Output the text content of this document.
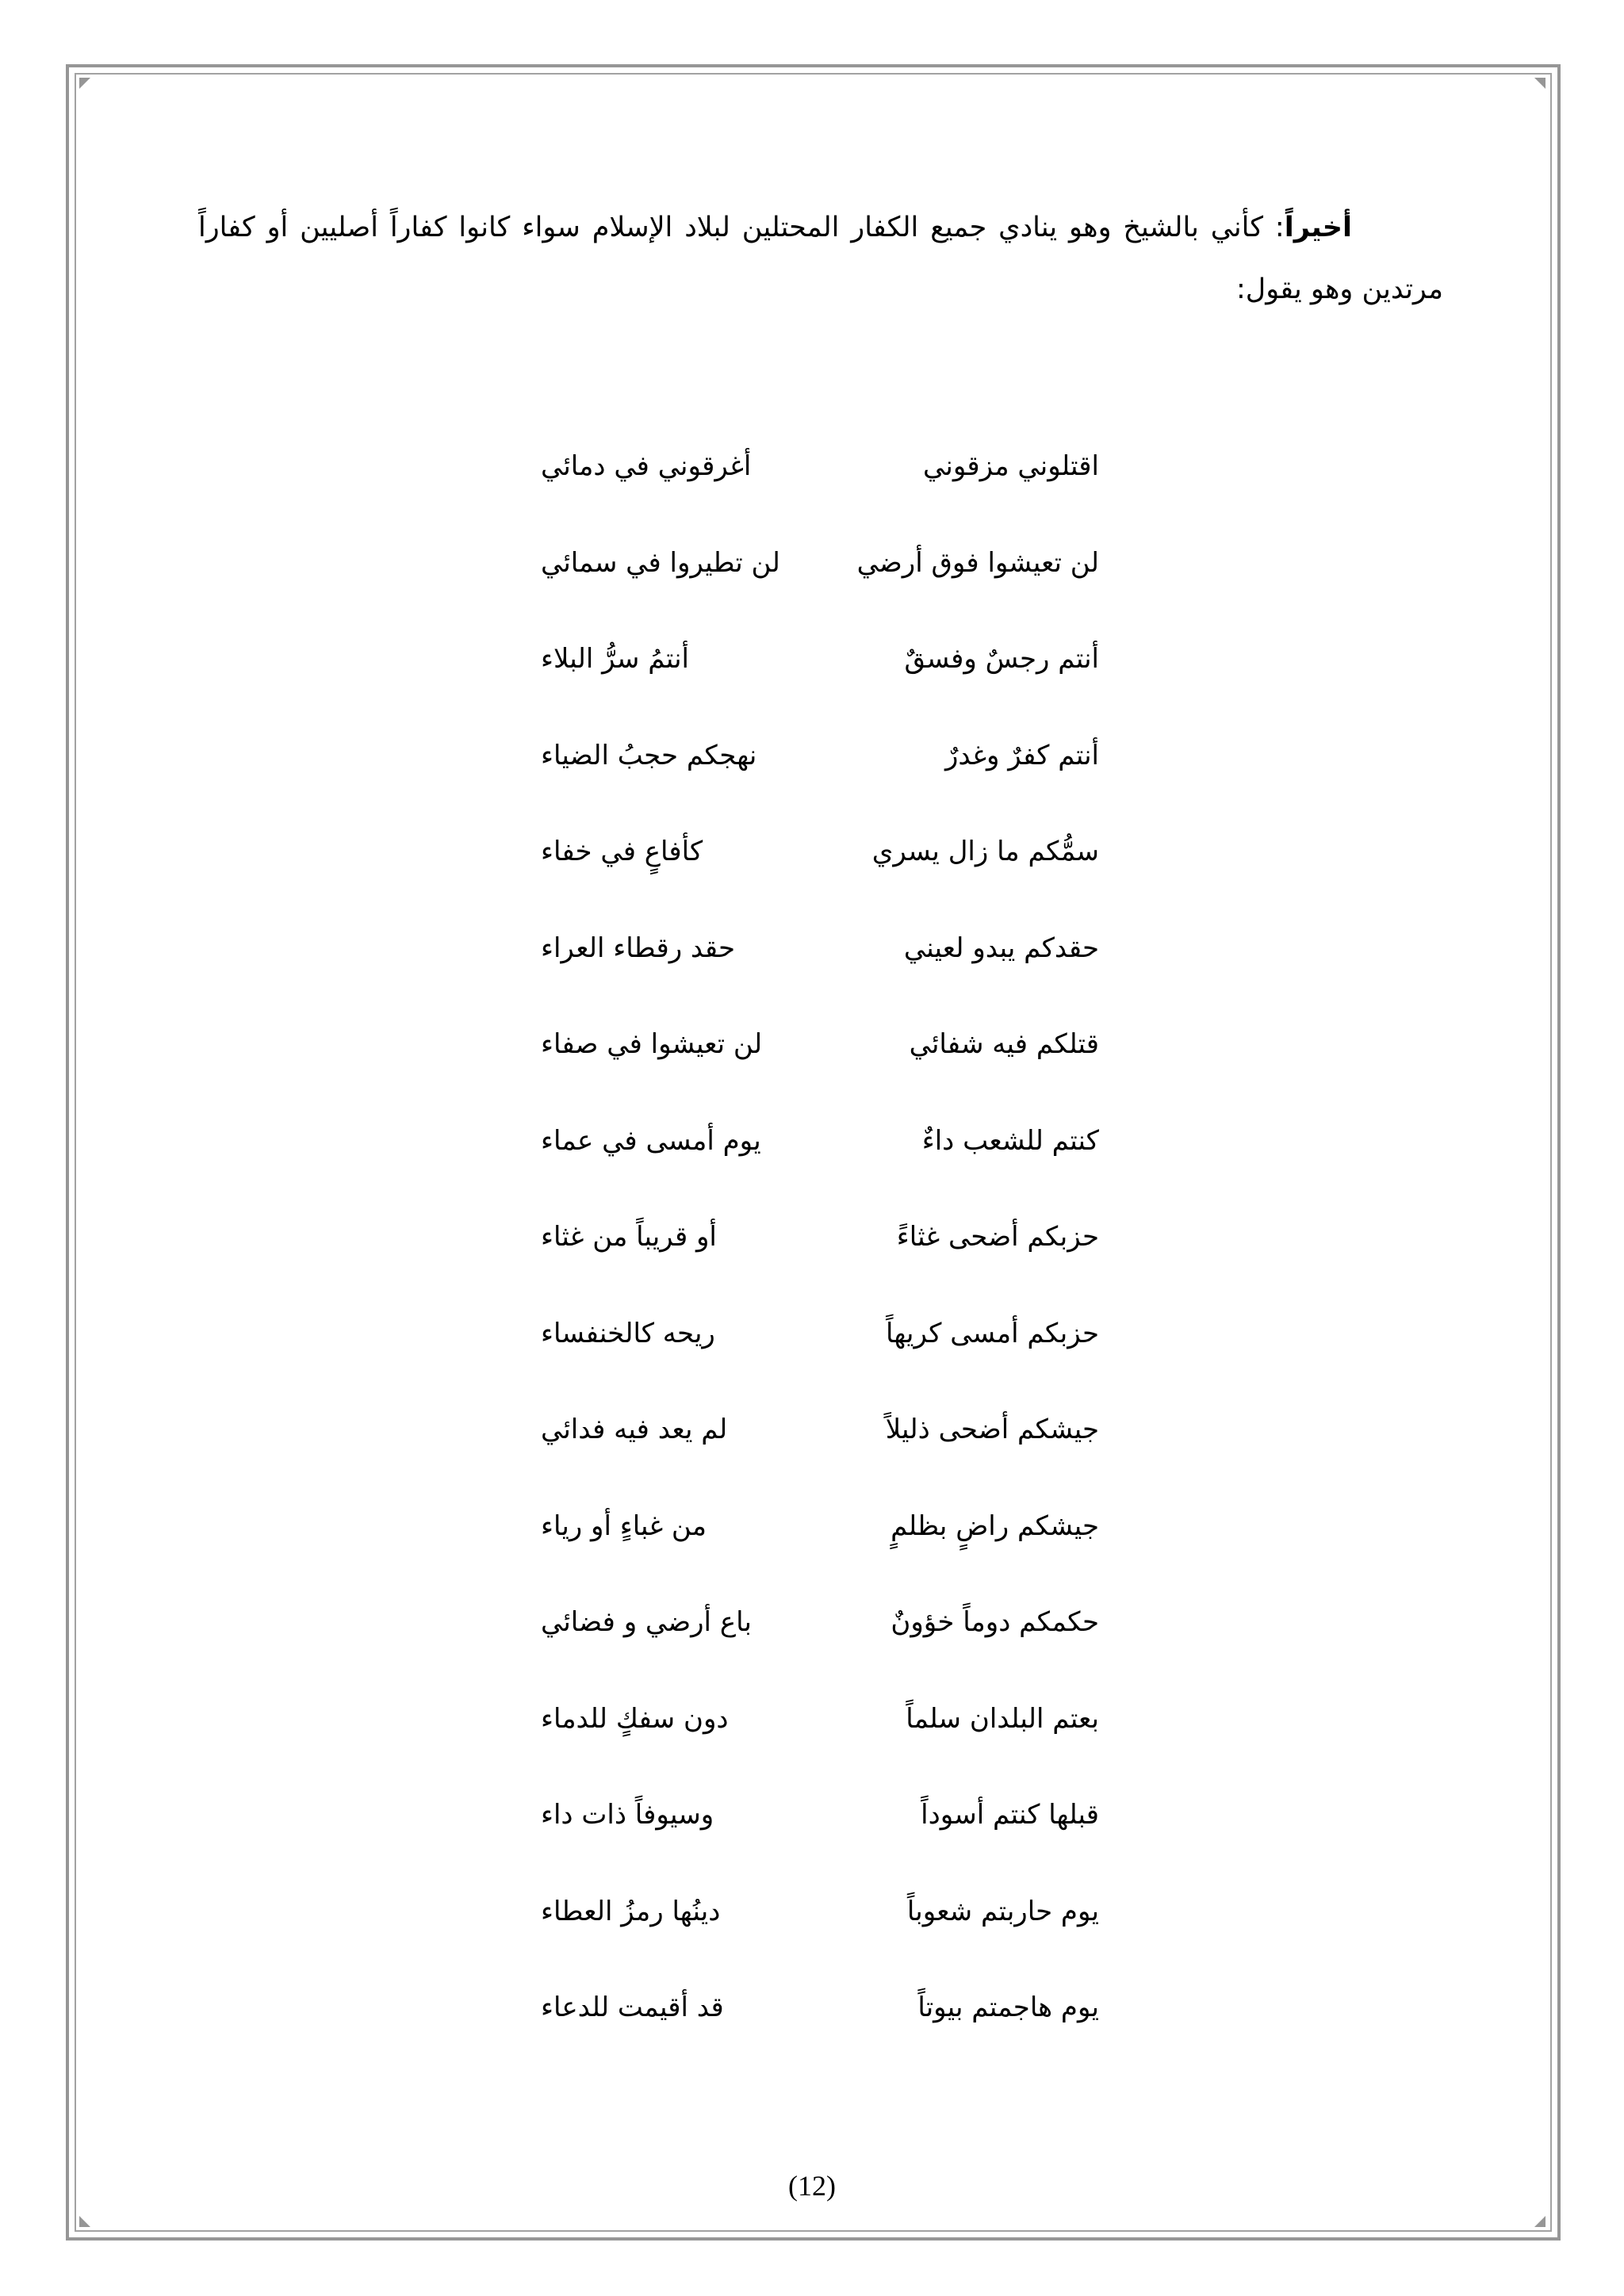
أخيراً: كأني بالشيخ وهو ينادي جميع الكفار المحتلين لبلاد الإسلام سواء كانوا كفاراً أصليين أو كفاراً مرتدين وهو يقول:

اقتلوني مزقوني
أغرقوني في دمائي
لن تعيشوا فوق أرضي
لن تطيروا في سمائي
أنتم رجسٌ وفسقٌ
أنتمُ سرُّ البلاء
أنتم كفرٌ وغدرٌ
نهجكم حجبُ الضياء
سمُّكم ما زال يسري
كأفاعٍ في خفاء
حقدكم يبدو لعيني
حقد رقطاء العراء
قتلكم فيه شفائي
لن تعيشوا في صفاء
كنتم للشعب داءٌ
يوم أمسى في عماء
حزبكم أضحى غثاءً
أو قريباً من غثاء
حزبكم أمسى كريهاً
ريحه كالخنفساء
جيشكم أضحى ذليلاً
لم يعد فيه فدائي
جيشكم راضٍ بظلمٍ
من غباءٍ أو رياء
حكمكم دوماً خؤونٌ
باع أرضي و فضائي
بعتم البلدان سلماً
دون سفكٍ للدماء
قبلها كنتم أسوداً
وسيوفاً ذات داء
يوم حاربتم شعوباً
دينُها رمزُ العطاء
يوم هاجمتم بيوتاً
قد أقيمت للدعاء
(12)
